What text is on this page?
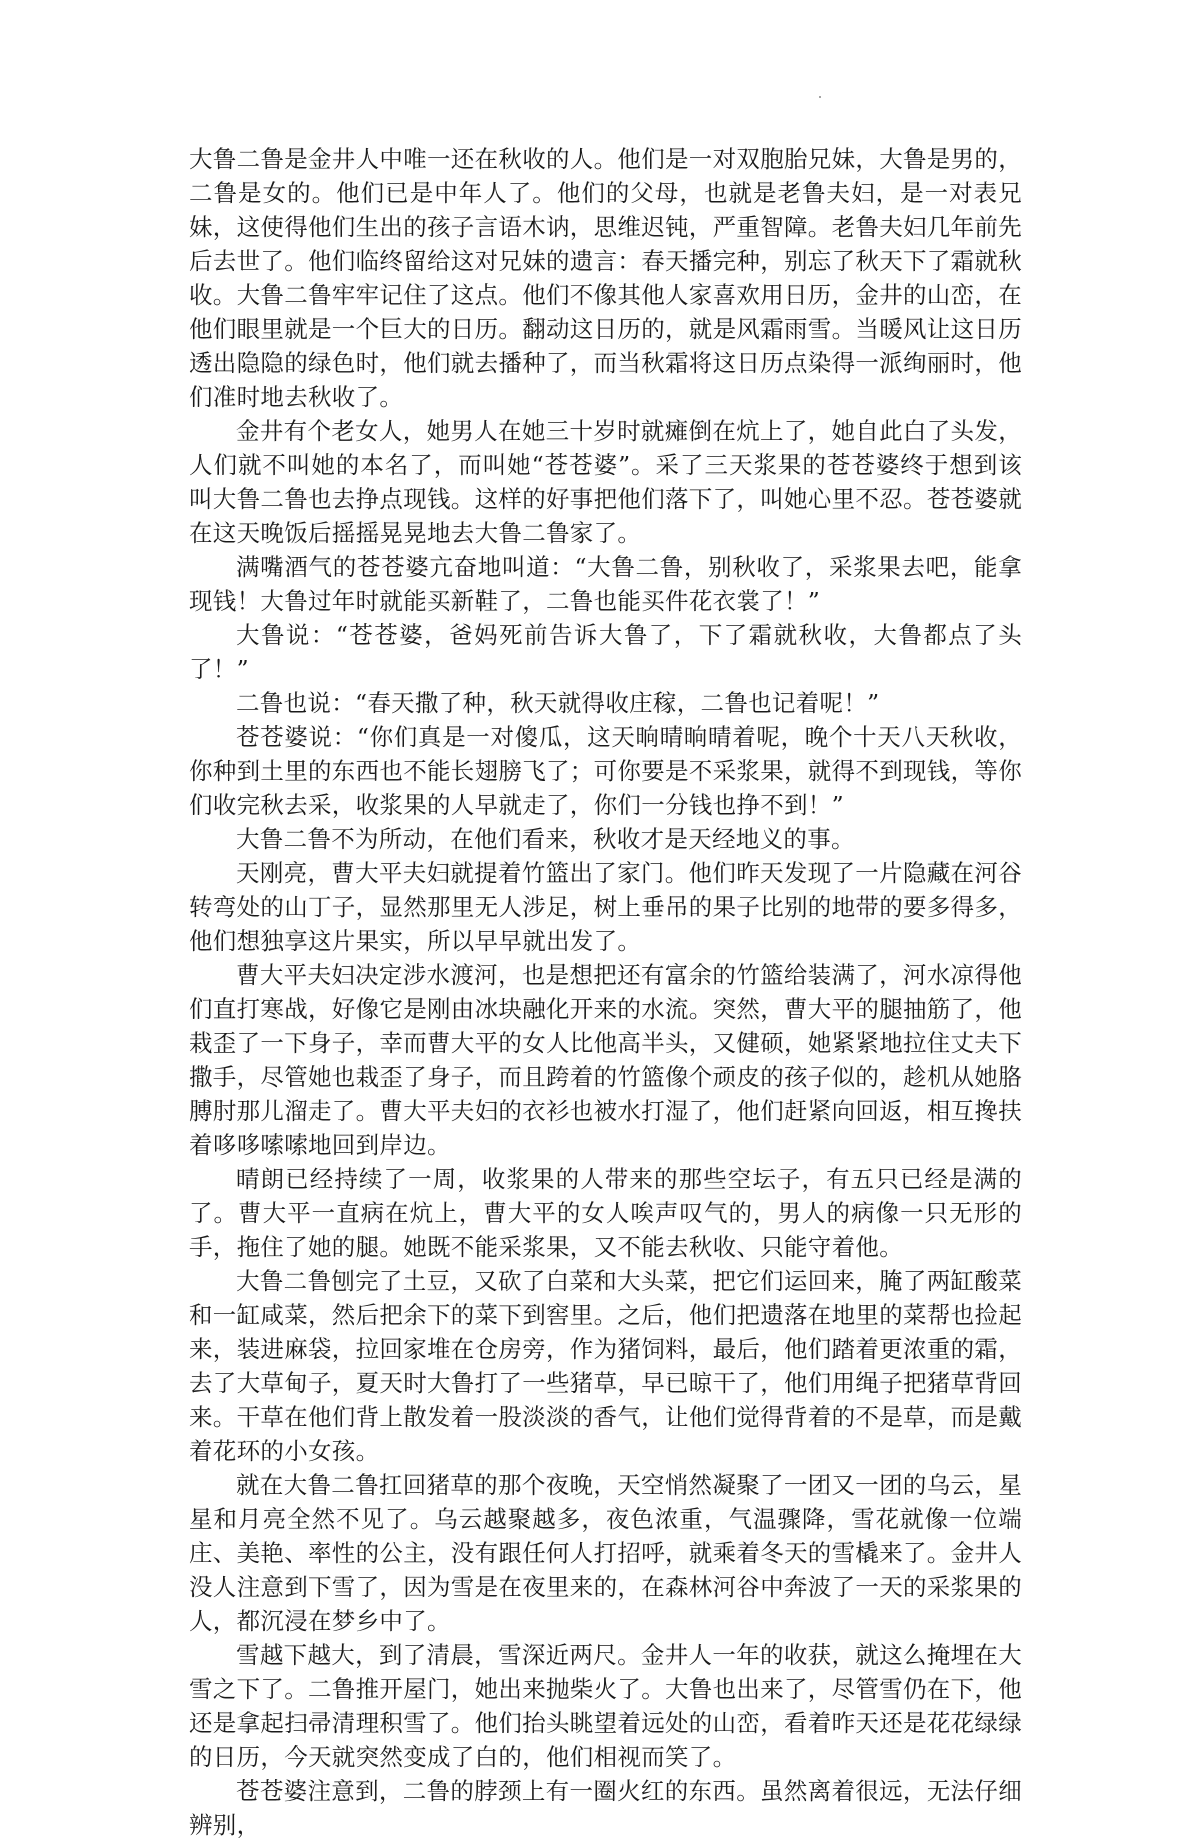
大鲁二鲁是金井人中唯一还在秋收的人。他们是一对双胞胎兄妹，大鲁是男的，二鲁是女的。他们已是中年人了。他们的父母，也就是老鲁夫妇，是一对表兄妹，这使得他们生出的孩子言语木讷，思维迟钝，严重智障。老鲁夫妇几年前先后去世了。他们临终留给这对兄妹的遗言：春天播完种，别忘了秋天下了霜就秋收。大鲁二鲁牢牢记住了这点。他们不像其他人家喜欢用日历，金井的山峦，在他们眼里就是一个巨大的日历。翻动这日历的，就是风霜雨雪。当暖风让这日历透出隐隐的绿色时，他们就去播种了，而当秋霜将这日历点染得一派绚丽时，他们准时地去秋收了。

金井有个老女人，她男人在她三十岁时就瘫倒在炕上了，她自此白了头发，人们就不叫她的本名了，而叫她“苍苍婆”。采了三天浆果的苍苍婆终于想到该叫大鲁二鲁也去挣点现钱。这样的好事把他们落下了，叫她心里不忍。苍苍婆就在这天晚饭后摇摇晃晃地去大鲁二鲁家了。

满嘴酒气的苍苍婆亢奋地叫道：“大鲁二鲁，别秋收了，采浆果去吧，能拿现钱！大鲁过年时就能买新鞋了，二鲁也能买件花衣裳了！”

大鲁说：“苍苍婆，爸妈死前告诉大鲁了，下了霜就秋收，大鲁都点了头了！”

二鲁也说：“春天撒了种，秋天就得收庄稼，二鲁也记着呢！”

苍苍婆说：“你们真是一对傻瓜，这天晌晴晌晴着呢，晚个十天八天秋收，你种到土里的东西也不能长翅膀飞了；可你要是不采浆果，就得不到现钱，等你们收完秋去采，收浆果的人早就走了，你们一分钱也挣不到！”

大鲁二鲁不为所动，在他们看来，秋收才是天经地义的事。

天刚亮，曹大平夫妇就提着竹篮出了家门。他们昨天发现了一片隐藏在河谷转弯处的山丁子，显然那里无人涉足，树上垂吊的果子比别的地带的要多得多，他们想独享这片果实，所以早早就出发了。

曹大平夫妇决定涉水渡河，也是想把还有富余的竹篮给装满了，河水凉得他们直打寒战，好像它是刚由冰块融化开来的水流。突然，曹大平的腿抽筋了，他栽歪了一下身子，幸而曹大平的女人比他高半头，又健硕，她紧紧地拉住丈夫下撒手，尽管她也栽歪了身子，而且跨着的竹篮像个顽皮的孩子似的，趁机从她胳膊肘那儿溜走了。曹大平夫妇的衣衫也被水打湿了，他们赶紧向回返，相互搀扶着哆哆嗦嗦地回到岸边。

晴朗已经持续了一周，收浆果的人带来的那些空坛子，有五只已经是满的了。曹大平一直病在炕上，曹大平的女人唉声叹气的，男人的病像一只无形的手，拖住了她的腿。她既不能采浆果，又不能去秋收、只能守着他。

大鲁二鲁刨完了土豆，又砍了白菜和大头菜，把它们运回来，腌了两缸酸菜和一缸咸菜，然后把余下的菜下到窖里。之后，他们把遗落在地里的菜帮也捡起来，装进麻袋，拉回家堆在仓房旁，作为猪饲料，最后，他们踏着更浓重的霜，去了大草甸子，夏天时大鲁打了一些猪草，早已晾干了，他们用绳子把猪草背回来。干草在他们背上散发着一股淡淡的香气，让他们觉得背着的不是草，而是戴着花环的小女孩。

就在大鲁二鲁扛回猪草的那个夜晚，天空悄然凝聚了一团又一团的乌云，星星和月亮全然不见了。乌云越聚越多，夜色浓重，气温骤降，雪花就像一位端庄、美艳、率性的公主，没有跟任何人打招呼，就乘着冬天的雪橇来了。金井人没人注意到下雪了，因为雪是在夜里来的，在森林河谷中奔波了一天的采浆果的人，都沉浸在梦乡中了。

雪越下越大，到了清晨，雪深近两尺。金井人一年的收获，就这么掩埋在大雪之下了。二鲁推开屋门，她出来抛柴火了。大鲁也出来了，尽管雪仍在下，他还是拿起扫帚清理积雪了。他们抬头眺望着远处的山峦，看着昨天还是花花绿绿的日历，今天就突然变成了白的，他们相视而笑了。

苍苍婆注意到，二鲁的脖颈上有一圈火红的东西。虽然离着很远，无法仔细辨别，
